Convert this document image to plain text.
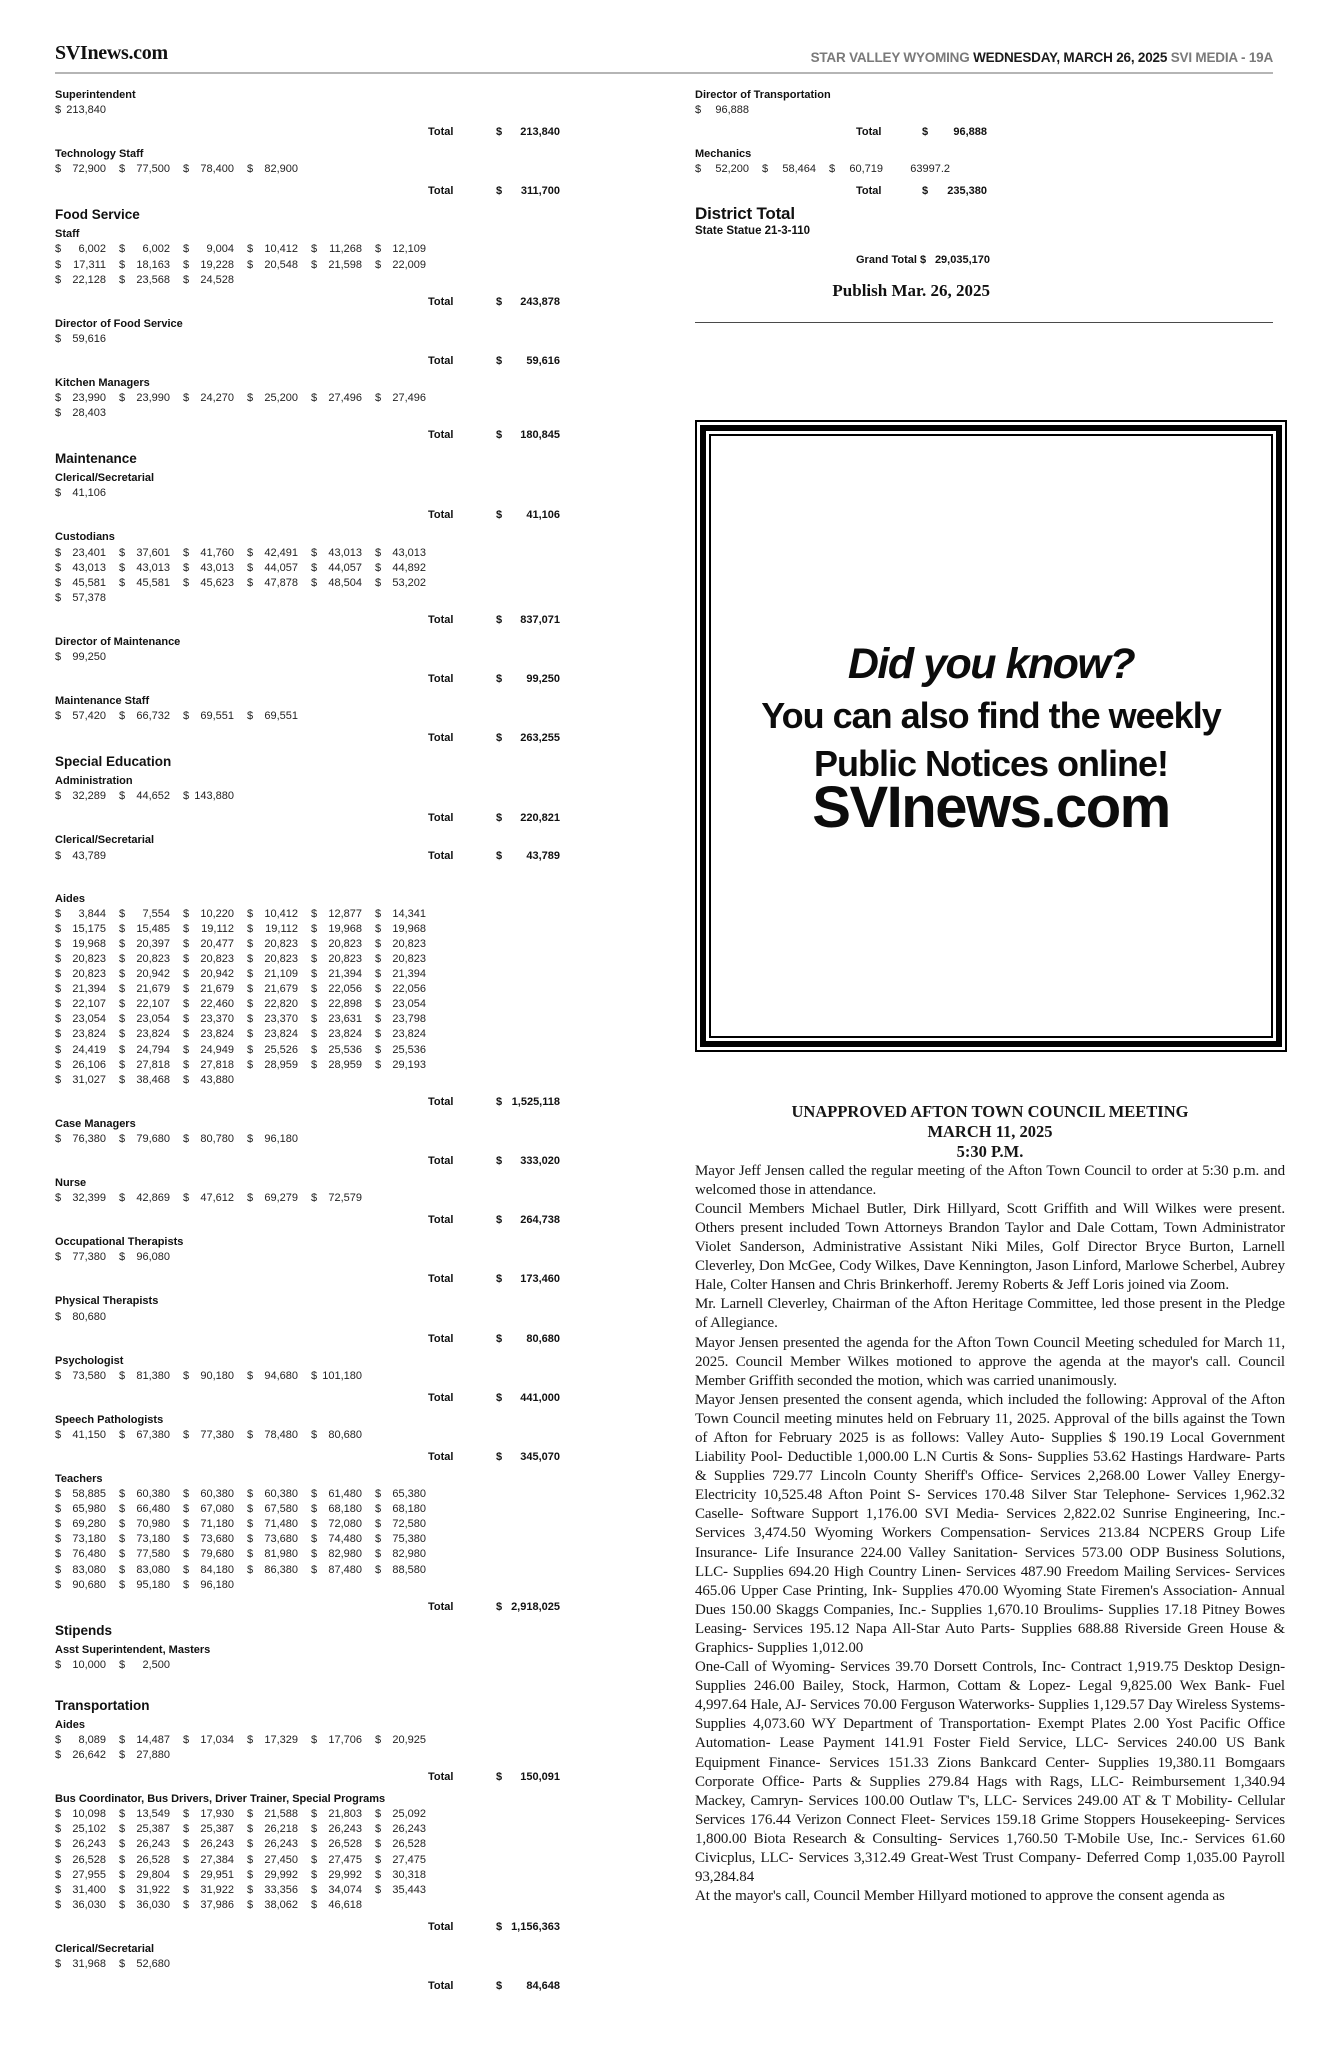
SVInews.com	STAR VALLEY WYOMING WEDNESDAY, MARCH 26, 2025 SVI MEDIA - 19A
Superintendent
$ 213,840
Total	$ 213,840
Technology Staff
$ 72,900 $ 77,500 $ 78,400 $ 82,900
Total	$ 311,700
Food Service
Staff
$ 6,002 $ 6,002 $ 9,004 $ 10,412 $ 11,268 $ 12,109
$ 17,311 $ 18,163 $ 19,228 $ 20,548 $ 21,598 $ 22,009
$ 22,128 $ 23,568 $ 24,528
Total	$ 243,878
Director of Food Service
$ 59,616
Total	$ 59,616
Kitchen Managers
$ 23,990 $ 23,990 $ 24,270 $ 25,200 $ 27,496 $ 27,496
$ 28,403
Total	$ 180,845
Maintenance
Clerical/Secretarial
$ 41,106
Total	$ 41,106
Custodians
$ 23,401 $ 37,601 $ 41,760 $ 42,491 $ 43,013 $ 43,013
$ 43,013 $ 43,013 $ 43,013 $ 44,057 $ 44,057 $ 44,892
$ 45,581 $ 45,581 $ 45,623 $ 47,878 $ 48,504 $ 53,202
$ 57,378
Total	$ 837,071
Director of Maintenance
$ 99,250
Total	$ 99,250
Maintenance Staff
$ 57,420 $ 66,732 $ 69,551 $ 69,551
Total	$ 263,255
Special Education
Administration
$ 32,289 $ 44,652 $ 143,880
Total	$ 220,821
Clerical/Secretarial
$ 43,789	Total	$ 43,789
Aides
$ 3,844 $ 7,554 $ 10,220 $ 10,412 $ 12,877 $ 14,341
$ 15,175 $ 15,485 $ 19,112 $ 19,112 $ 19,968 $ 19,968
$ 19,968 $ 20,397 $ 20,477 $ 20,823 $ 20,823 $ 20,823
$ 20,823 $ 20,823 $ 20,823 $ 20,823 $ 20,823 $ 20,823
$ 20,823 $ 20,942 $ 20,942 $ 21,109 $ 21,394 $ 21,394
$ 21,394 $ 21,679 $ 21,679 $ 21,679 $ 22,056 $ 22,056
$ 22,107 $ 22,107 $ 22,460 $ 22,820 $ 22,898 $ 23,054
$ 23,054 $ 23,054 $ 23,370 $ 23,370 $ 23,631 $ 23,798
$ 23,824 $ 23,824 $ 23,824 $ 23,824 $ 23,824 $ 23,824
$ 24,419 $ 24,794 $ 24,949 $ 25,526 $ 25,536 $ 25,536
$ 26,106 $ 27,818 $ 27,818 $ 28,959 $ 28,959 $ 29,193
$ 31,027 $ 38,468 $ 43,880
Total	$ 1,525,118
Case Managers
$ 76,380 $ 79,680 $ 80,780 $ 96,180
Total	$ 333,020
Nurse
$ 32,399 $ 42,869 $ 47,612 $ 69,279 $ 72,579
Total	$ 264,738
Occupational Therapists
$ 77,380 $ 96,080
Total	$ 173,460
Physical Therapists
$ 80,680
Total	$ 80,680
Psychologist
$ 73,580 $ 81,380 $ 90,180 $ 94,680 $ 101,180
Total	$ 441,000
Speech Pathologists
$ 41,150 $ 67,380 $ 77,380 $ 78,480 $ 80,680
Total	$ 345,070
Teachers
$ 58,885 $ 60,380 $ 60,380 $ 60,380 $ 61,480 $ 65,380
$ 65,980 $ 66,480 $ 67,080 $ 67,580 $ 68,180 $ 68,180
$ 69,280 $ 70,980 $ 71,180 $ 71,480 $ 72,080 $ 72,580
$ 73,180 $ 73,180 $ 73,680 $ 73,680 $ 74,480 $ 75,380
$ 76,480 $ 77,580 $ 79,680 $ 81,980 $ 82,980 $ 82,980
$ 83,080 $ 83,080 $ 84,180 $ 86,380 $ 87,480 $ 88,580
$ 90,680 $ 95,180 $ 96,180
Total	$ 2,918,025
Stipends
Asst Superintendent, Masters
$ 10,000 $ 2,500
Transportation
Aides
$ 8,089 $ 14,487 $ 17,034 $ 17,329 $ 17,706 $ 20,925
$ 26,642 $ 27,880
Total	$ 150,091
Bus Coordinator, Bus Drivers, Driver Trainer, Special Programs
$ 10,098 $ 13,549 $ 17,930 $ 21,588 $ 21,803 $ 25,092
$ 25,102 $ 25,387 $ 25,387 $ 26,218 $ 26,243 $ 26,243
$ 26,243 $ 26,243 $ 26,243 $ 26,243 $ 26,528 $ 26,528
$ 26,528 $ 26,528 $ 27,384 $ 27,450 $ 27,475 $ 27,475
$ 27,955 $ 29,804 $ 29,951 $ 29,992 $ 29,992 $ 30,318
$ 31,400 $ 31,922 $ 31,922 $ 33,356 $ 34,074 $ 35,443
$ 36,030 $ 36,030 $ 37,986 $ 38,062 $ 46,618
Total	$ 1,156,363
Clerical/Secretarial
$ 31,968 $ 52,680
Total	$ 84,648
Director of Transportation
$ 96,888
Total	$ 96,888
Mechanics
$ 52,200 $ 58,464 $ 60,719 63997.2
Total	$ 235,380
District Total
State Statue 21-3-110
Grand Total $ 29,035,170
Publish Mar. 26, 2025
Did you know?
You can also find the weekly
Public Notices online!
SVInews.com
UNAPPROVED AFTON TOWN COUNCIL MEETING
MARCH 11, 2025
5:30 P.M.

Mayor Jeff Jensen called the regular meeting of the Afton Town Council to order at 5:30 p.m. and welcomed those in attendance.

Council Members Michael Butler, Dirk Hillyard, Scott Griffith and Will Wilkes were present. Others present included Town Attorneys Brandon Taylor and Dale Cottam, Town Administrator Violet Sanderson, Administrative Assistant Niki Miles, Golf Director Bryce Burton, Larnell Cleverley, Don McGee, Cody Wilkes, Dave Kennington, Jason Linford, Marlowe Scherbel, Aubrey Hale, Colter Hansen and Chris Brinkerhoff. Jeremy Roberts & Jeff Loris joined via Zoom.

Mr. Larnell Cleverley, Chairman of the Afton Heritage Committee, led those present in the Pledge of Allegiance.

Mayor Jensen presented the agenda for the Afton Town Council Meeting scheduled for March 11, 2025. Council Member Wilkes motioned to approve the agenda at the mayor's call. Council Member Griffith seconded the motion, which was carried unanimously.

Mayor Jensen presented the consent agenda, which included the following: Approval of the Afton Town Council meeting minutes held on February 11, 2025. Approval of the bills against the Town of Afton for February 2025 is as follows: Valley Auto- Supplies $ 190.19 Local Government Liability Pool- Deductible 1,000.00 L.N Curtis & Sons- Supplies 53.62 Hastings Hardware- Parts & Supplies 729.77 Lincoln County Sheriff's Office- Services 2,268.00 Lower Valley Energy- Electricity 10,525.48 Afton Point S- Services 170.48 Silver Star Telephone- Services 1,962.32 Caselle- Software Support 1,176.00 SVI Media- Services 2,822.02 Sunrise Engineering, Inc.- Services 3,474.50 Wyoming Workers Compensation- Services 213.84 NCPERS Group Life Insurance- Life Insurance 224.00 Valley Sanitation- Services 573.00 ODP Business Solutions, LLC- Supplies 694.20 High Country Linen- Services 487.90 Freedom Mailing Services- Services 465.06 Upper Case Printing, Ink- Supplies 470.00 Wyoming State Firemen's Association- Annual Dues 150.00 Skaggs Companies, Inc.- Supplies 1,670.10 Broulims- Supplies 17.18 Pitney Bowes Leasing- Services 195.12 Napa All-Star Auto Parts- Supplies 688.88 Riverside Green House & Graphics- Supplies 1,012.00

One-Call of Wyoming- Services 39.70 Dorsett Controls, Inc- Contract 1,919.75 Desktop Design- Supplies 246.00 Bailey, Stock, Harmon, Cottam & Lopez- Legal 9,825.00 Wex Bank- Fuel 4,997.64 Hale, AJ- Services 70.00 Ferguson Waterworks- Supplies 1,129.57 Day Wireless Systems- Supplies 4,073.60 WY Department of Transportation- Exempt Plates 2.00 Yost Pacific Office Automation- Lease Payment 141.91 Foster Field Service, LLC- Services 240.00 US Bank Equipment Finance- Services 151.33 Zions Bankcard Center- Supplies 19,380.11 Bomgaars Corporate Office- Parts & Supplies 279.84 Hags with Rags, LLC- Reimbursement 1,340.94 Mackey, Camryn- Services 100.00 Outlaw T's, LLC- Services 249.00 AT & T Mobility- Cellular Services 176.44 Verizon Connect Fleet- Services 159.18 Grime Stoppers Housekeeping- Services 1,800.00 Biota Research & Consulting- Services 1,760.50 T-Mobile Use, Inc.- Services 61.60 Civicplus, LLC- Services 3,312.49 Great-West Trust Company- Deferred Comp 1,035.00 Payroll 93,284.84

At the mayor's call, Council Member Hillyard motioned to approve the consent agenda as
